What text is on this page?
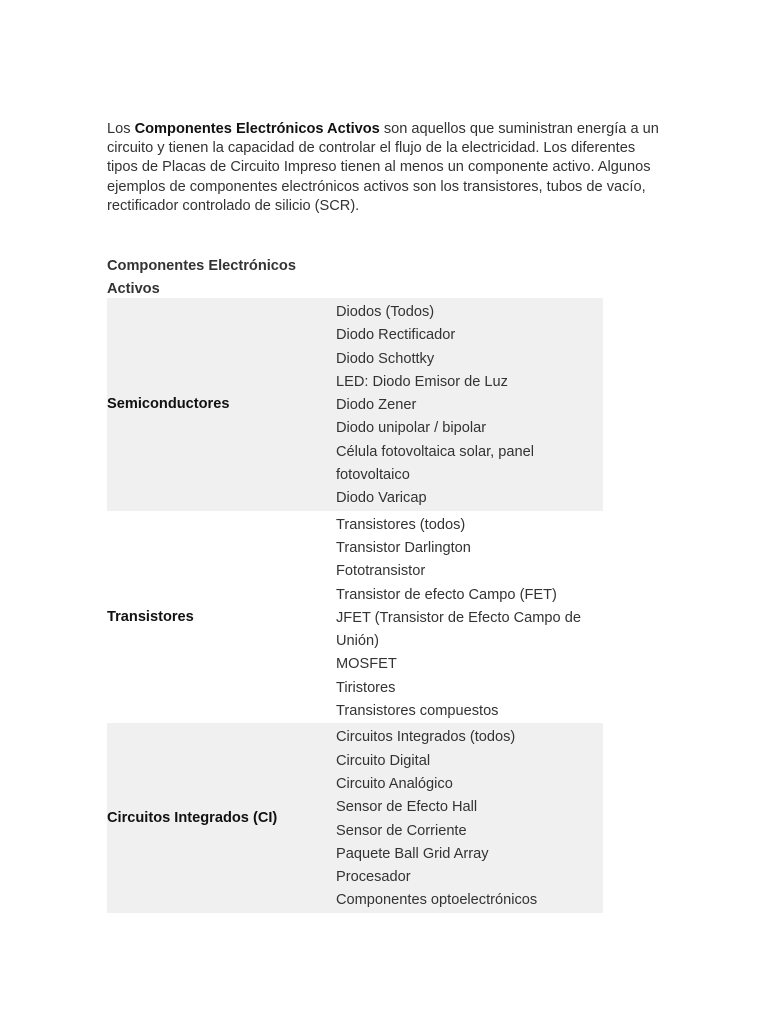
Los Componentes Electrónicos Activos son aquellos que suministran energía a un circuito y tienen la capacidad de controlar el flujo de la electricidad. Los diferentes tipos de Placas de Circuito Impreso tienen al menos un componente activo. Algunos ejemplos de componentes electrónicos activos son los transistores, tubos de vacío, rectificador controlado de silicio (SCR).

Componentes Electrónicos Activos
Semiconductores
Diodos (Todos)
Diodo Rectificador
Diodo Schottky
LED: Diodo Emisor de Luz
Diodo Zener
Diodo unipolar / bipolar
Célula fotovoltaica solar, panel fotovoltaico
Diodo Varicap
Transistores
Transistores (todos)
Transistor Darlington
Fototransistor
Transistor de efecto Campo (FET)
JFET (Transistor de Efecto Campo de Unión)
MOSFET
Tiristores
Transistores compuestos
Circuitos Integrados (CI)
Circuitos Integrados (todos)
Circuito Digital
Circuito Analógico
Sensor de Efecto Hall
Sensor de Corriente
Paquete Ball Grid Array
Procesador
Componentes optoelectrónicos
